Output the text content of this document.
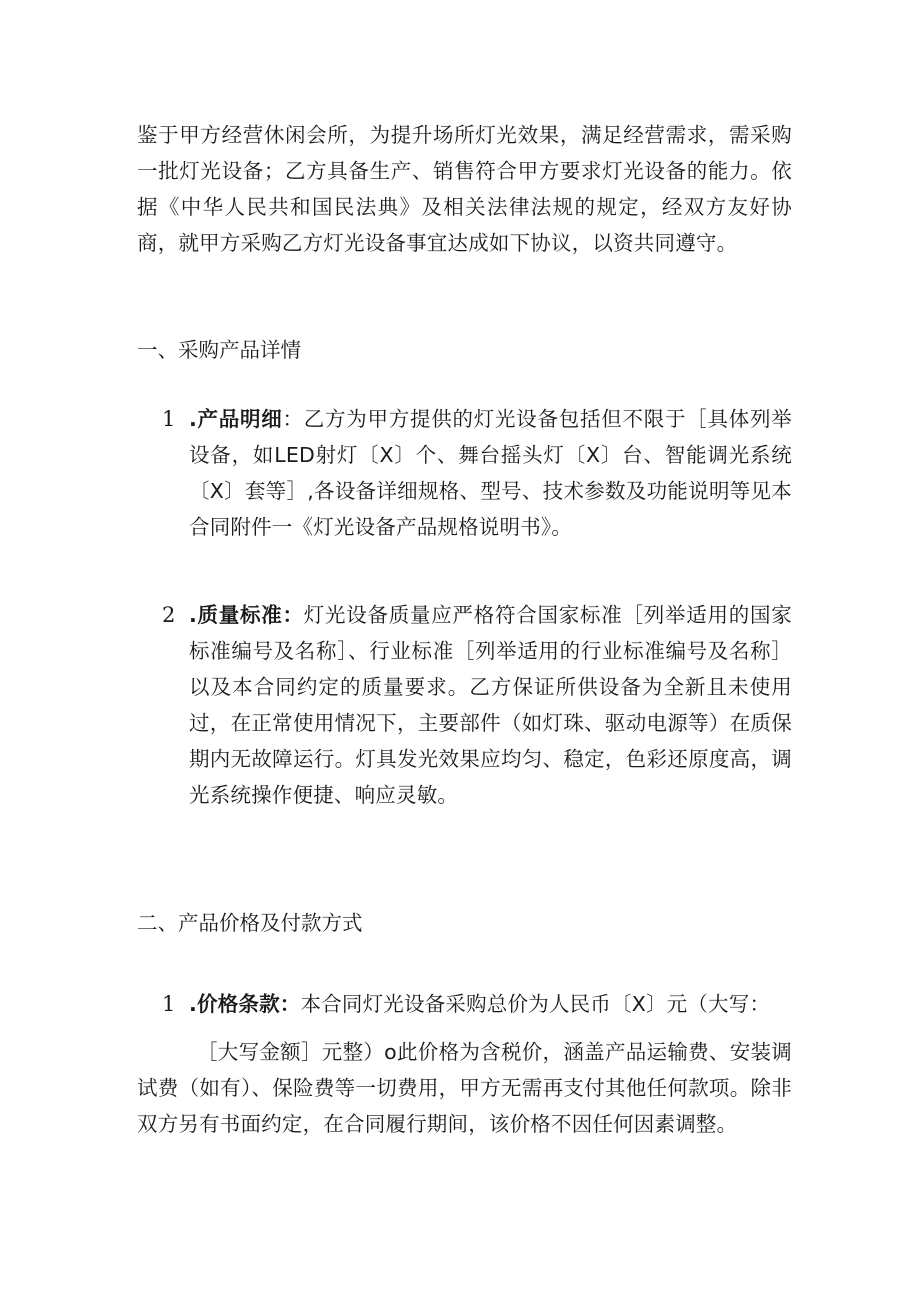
鉴于甲方经营休闲会所，为提升场所灯光效果，满足经营需求，需采购一批灯光设备；乙方具备生产、销售符合甲方要求灯光设备的能力。依据《中华人民共和国民法典》及相关法律法规的规定，经双方友好协商，就甲方采购乙方灯光设备事宜达成如下协议，以资共同遵守。

一、采购产品详情
1 .产品明细：乙方为甲方提供的灯光设备包括但不限于［具体列举设备，如LED射灯〔X〕个、舞台摇头灯〔X〕台、智能调光系统〔X〕套等］,各设备详细规格、型号、技术参数及功能说明等见本合同附件一《灯光设备产品规格说明书》。
2 .质量标准：灯光设备质量应严格符合国家标准［列举适用的国家标准编号及名称］、行业标准［列举适用的行业标准编号及名称］以及本合同约定的质量要求。乙方保证所供设备为全新且未使用过，在正常使用情况下，主要部件（如灯珠、驱动电源等）在质保期内无故障运行。灯具发光效果应均匀、稳定，色彩还原度高，调光系统操作便捷、响应灵敏。
二、产品价格及付款方式
1 .价格条款：本合同灯光设备采购总价为人民币〔X〕元（大写：

［大写金额］元整）o此价格为含税价，涵盖产品运输费、安装调试费（如有）、保险费等一切费用，甲方无需再支付其他任何款项。除非双方另有书面约定，在合同履行期间，该价格不因任何因素调整。
